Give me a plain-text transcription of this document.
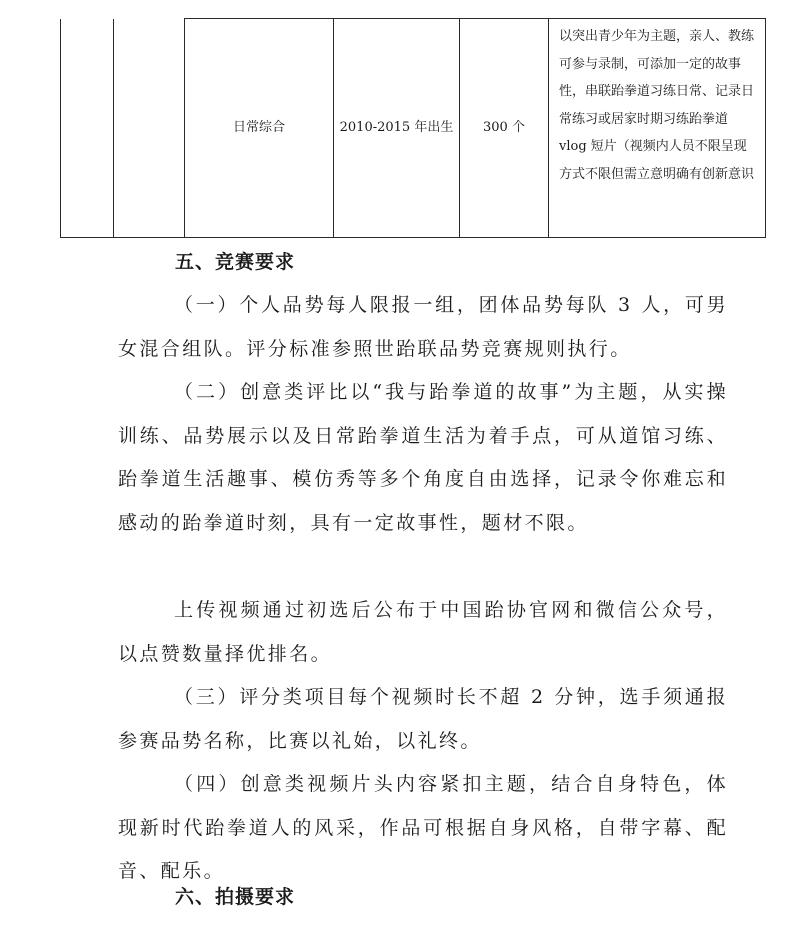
		日常综合	2010-2015 年出生	300 个	以突出青少年为主题，亲人、教练可参与录制，可添加一定的故事性，串联跆拳道习练日常、记录日常练习或居家时期习练跆拳道 vlog 短片（视频内人员不限呈现方式不限但需立意明确有创新意识
五、竞赛要求

（一）个人品势每人限报一组，团体品势每队 3 人，可男女混合组队。评分标准参照世跆联品势竞赛规则执行。

（二）创意类评比以“我与跆拳道的故事”为主题，从实操训练、品势展示以及日常跆拳道生活为着手点，可从道馆习练、跆拳道生活趣事、模仿秀等多个角度自由选择，记录令你难忘和感动的跆拳道时刻，具有一定故事性，题材不限。

上传视频通过初选后公布于中国跆协官网和微信公众号，以点赞数量择优排名。

（三）评分类项目每个视频时长不超 2 分钟，选手须通报参赛品势名称，比赛以礼始，以礼终。

（四）创意类视频片头内容紧扣主题，结合自身特色，体现新时代跆拳道人的风采，作品可根据自身风格，自带字幕、配音、配乐。

六、拍摄要求
